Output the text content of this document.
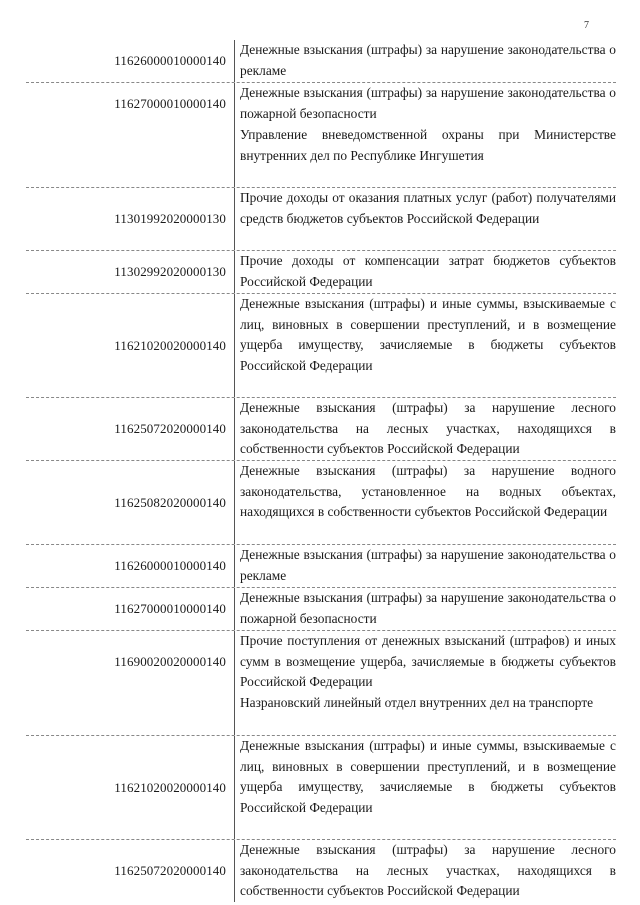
7
11626000010000140

Денежные взыскания (штрафы) за нарушение законодательства о рекламе

11627000010000140

Денежные взыскания (штрафы) за нарушение законодательства о пожарной безопасности

Управление вневедомственной охраны при Министерстве внутренних дел по Республике Ингушетия

11301992020000130

Прочие доходы от оказания платных услуг (работ) получателями средств бюджетов субъектов Российской Федерации

11302992020000130

Прочие доходы от компенсации затрат бюджетов субъектов Российской Федерации

11621020020000140

Денежные взыскания (штрафы) и иные суммы, взыскиваемые с лиц, виновных в совершении преступлений, и в возмещение ущерба имуществу, зачисляемые в бюджеты субъектов Российской Федерации

11625072020000140

Денежные взыскания (штрафы) за нарушение лесного законодательства на лесных участках, находящихся в собственности субъектов Российской Федерации

11625082020000140

Денежные взыскания (штрафы) за нарушение водного законодательства, установленное на водных объектах, находящихся в собственности субъектов Российской Федерации

11626000010000140

Денежные взыскания (штрафы) за нарушение законодательства о рекламе

11627000010000140

Денежные взыскания (штрафы) за нарушение законодательства о пожарной безопасности

11690020020000140

Прочие поступления от денежных взысканий (штрафов) и иных сумм в возмещение ущерба, зачисляемые в бюджеты субъектов Российской Федерации

Назрановский линейный отдел внутренних дел на транспорте

11621020020000140

Денежные взыскания (штрафы) и иные суммы, взыскиваемые с лиц, виновных в совершении преступлений, и в возмещение ущерба имуществу, зачисляемые в бюджеты субъектов Российской Федерации

11625072020000140

Денежные взыскания (штрафы) за нарушение лесного законодательства на лесных участках, находящихся в собственности субъектов Российской Федерации
